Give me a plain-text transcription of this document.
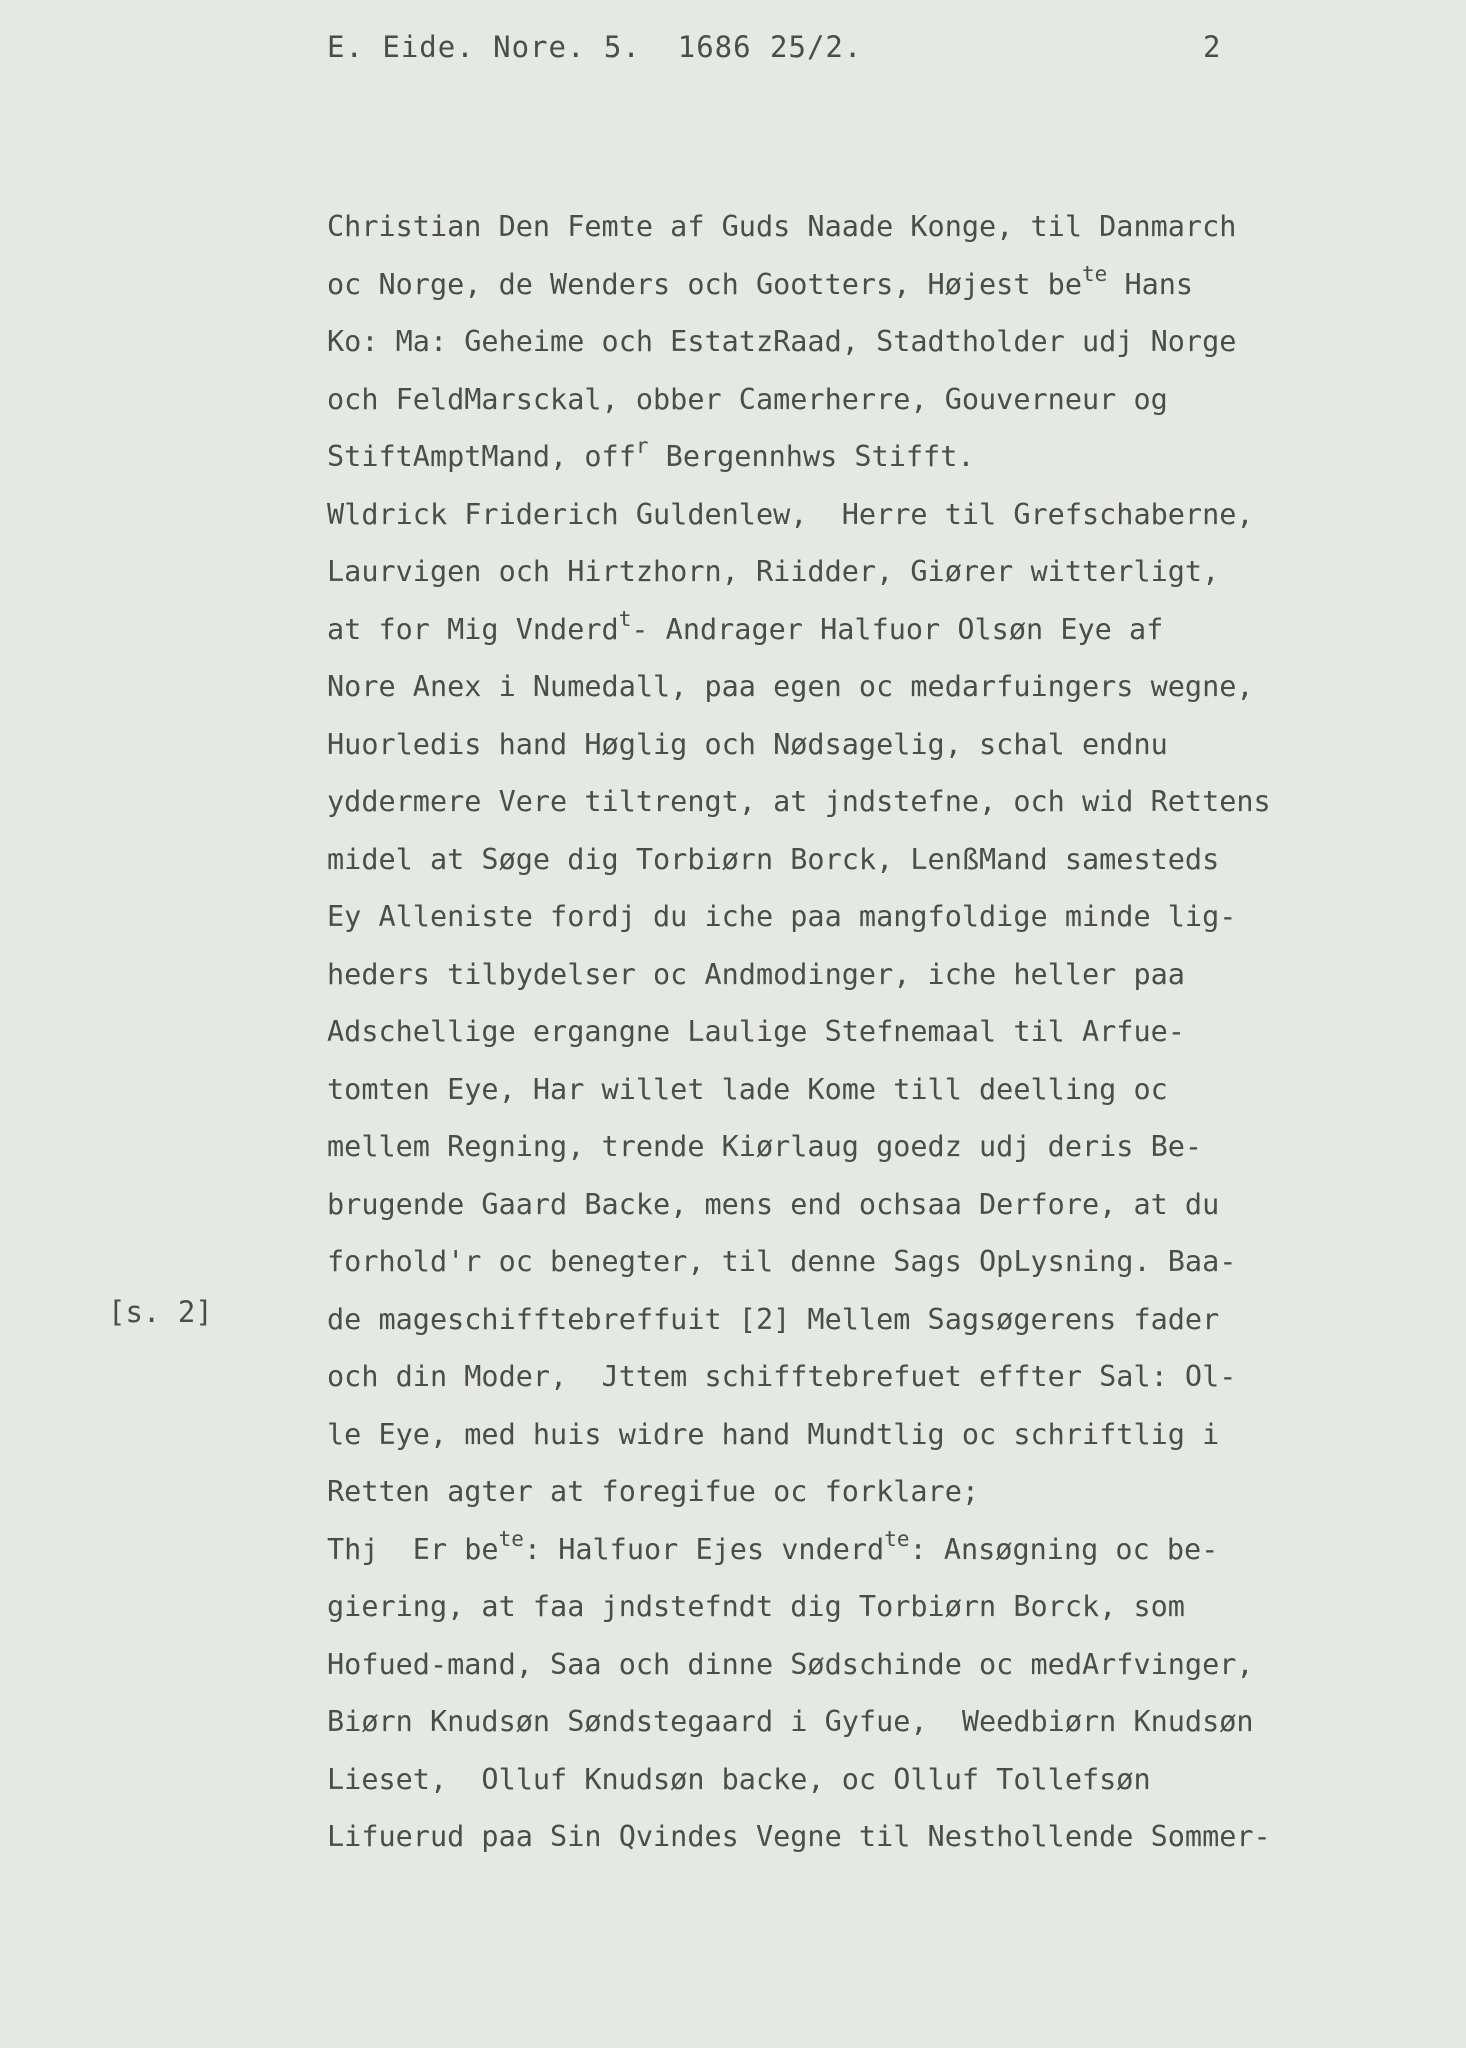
E. Eide. Nore. 5.  1686 25/2.	2
[s. 2]
Christian Den Femte af Guds Naade Konge, til Danmarch
oc Norge, de Wenders och Gootters, Højest $be^{te}$ Hans
Ko: Ma: Geheime och EstatzRaad, Stadtholder udj Norge
och FeldMarsckal, obber Camerherre, Gouverneur og
StiftAmptMand, off$^r$ Bergennhws Stifft.
Wldrick Friderich Guldenlew,  Herre til Grefschaberne,
Laurvigen och Hirtzhorn, Riidder, Giører witterligt,
at for Mig Vnderd$^t$- Andrager Halfuor Olsøn Eye af
Nore Anex i Numedall, paa egen oc medarfuingers wegne,
Huorledis hand Høglig och Nødsagelig, schal endnu
yddermere Vere tiltrengt, at jndstefne, och wid Rettens
midel at Søge dig Torbiørn Borck, LenßMand samesteds
Ey Alleniste fordj du iche paa mangfoldige minde lig-
heders tilbydelser oc Andmodinger, iche heller paa
Adschellige ergangne Laulige Stefnemaal til Arfue-
tomten Eye, Har willet lade Kome till deelling oc
mellem Regning, trende Kiørlaug goedz udj deris Be-
brugende Gaard Backe, mens end ochsaa Derfore, at du
forhold'r oc benegter, til denne Sags OpLysning. Baa-
de mageschifftebreffuit [2] Mellem Sagsøgerens fader
och din Moder,  Jttem schifftebrefuet effter Sal: Ol-
le Eye, med huis widre hand Mundtlig oc schriftlig i
Retten agter at foregifue oc forklare;
Thj  Er $be^{te}$: Halfuor Ejes vnderd$^{te}$: Ansøgning oc be-
giering, at faa jndstefndt dig Torbiørn Borck, som
Hofued-mand, Saa och dinne Sødschinde oc medArfvinger,
Biørn Knudsøn Søndstegaard i Gyfue,  Weedbiørn Knudsøn
Lieset,  Olluf Knudsøn backe, oc Olluf Tollefsøn
Lifuerud paa Sin Qvindes Vegne til Nesthollende Sommer-
